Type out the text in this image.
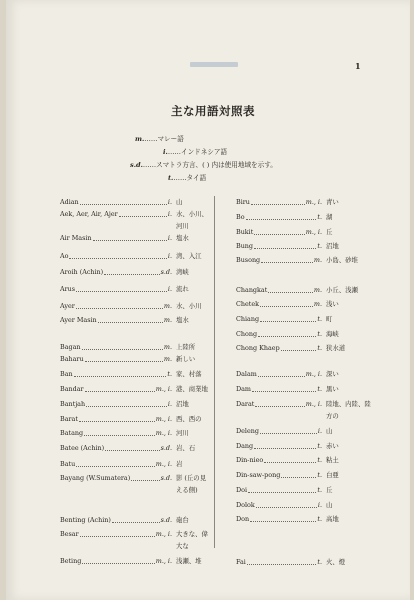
1
主な用語対照表
m.……マレー語
i.……インドネシア語
s.d.……スマトラ方言、( ) 内は使用地域を示す。
t.……タイ語
Adian	i. 山
Aek, Aer, Air, Ajer	i. 水、小川、河川
Air Masin	i. 塩水
Ao	i. 湾、入江
Aroih (Achin)	s.d. 湾峡
Arus	i. 流れ
Ayer	m. 水、小川
Ayer Masin	m. 塩水
Bagan	m. 上陸所
Baharu	m. 新しい
Ban	t. 家、村落
Bandar	m., i. 港、商業地
Bantjah	i. 沼地
Barat	m., i. 西、西の
Batang	m., i. 河川
Batee (Achin)	s.d. 岩、石
Batu	m., i. 岩
Bayang (W.Sumatera)	s.d. 影 (丘の見える側)
Benting (Achin)	s.d. 砲台
Besar	m., i. 大きな、偉大な
Beting	m., i. 浅瀬、堆
Biru	m., i. 青い
Bo	t. 湖
Bukit	m., i. 丘
Bung	t. 沼地
Busong	m. 小島、砂堆
Changkat	m. 小丘、浅瀬
Chetek	m. 浅い
Chiang	t. 町
Chong	t. 海峡
Chong Khaep	t. 狭水道
Dalam	m., i. 深い
Dam	t. 黒い
Darat	m., i. 陸地、内陸、陸方の
Deleng	i. 山
Dang	t. 赤い
Din-nieo	t. 粘土
Din-saw-pong	t. 白亜
Doi	t. 丘
Dolok	i. 山
Don	t. 高地
Fai	t. 火、燈
